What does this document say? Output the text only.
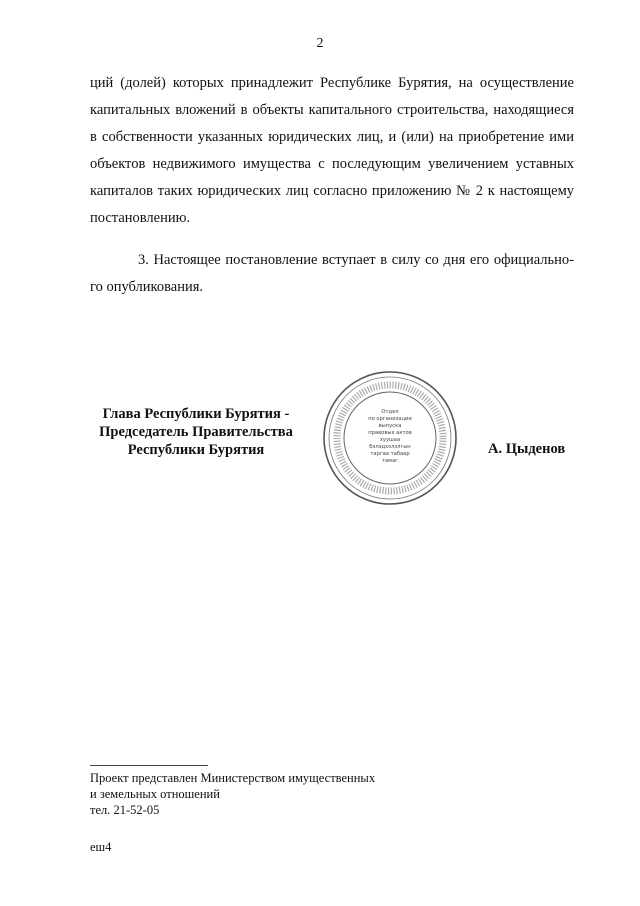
2
ций (долей) которых принадлежит Республике Бурятия, на осуществление
капитальных вложений в объекты капитального строительства, находящиеся
в собственности указанных юридических лиц, и (или) на приобретение ими
объектов недвижимого имущества с последующим увеличением уставных
капиталов таких юридических лиц согласно приложению № 2 к настоящему
постановлению.
3. Настоящее постановление вступает в силу со дня его официально-
го опубликования.
Глава Республики Бурятия -
Председатель Правительства
Республики Бурятия
Отдел
по организации
выпуска
правовых актов
хуушаа
бэлэдхэлэлгын
таргаа табаар
тамаг
А. Цыденов
Проект представлен Министерством имущественных
и земельных отношений
тел. 21-52-05
еш4
